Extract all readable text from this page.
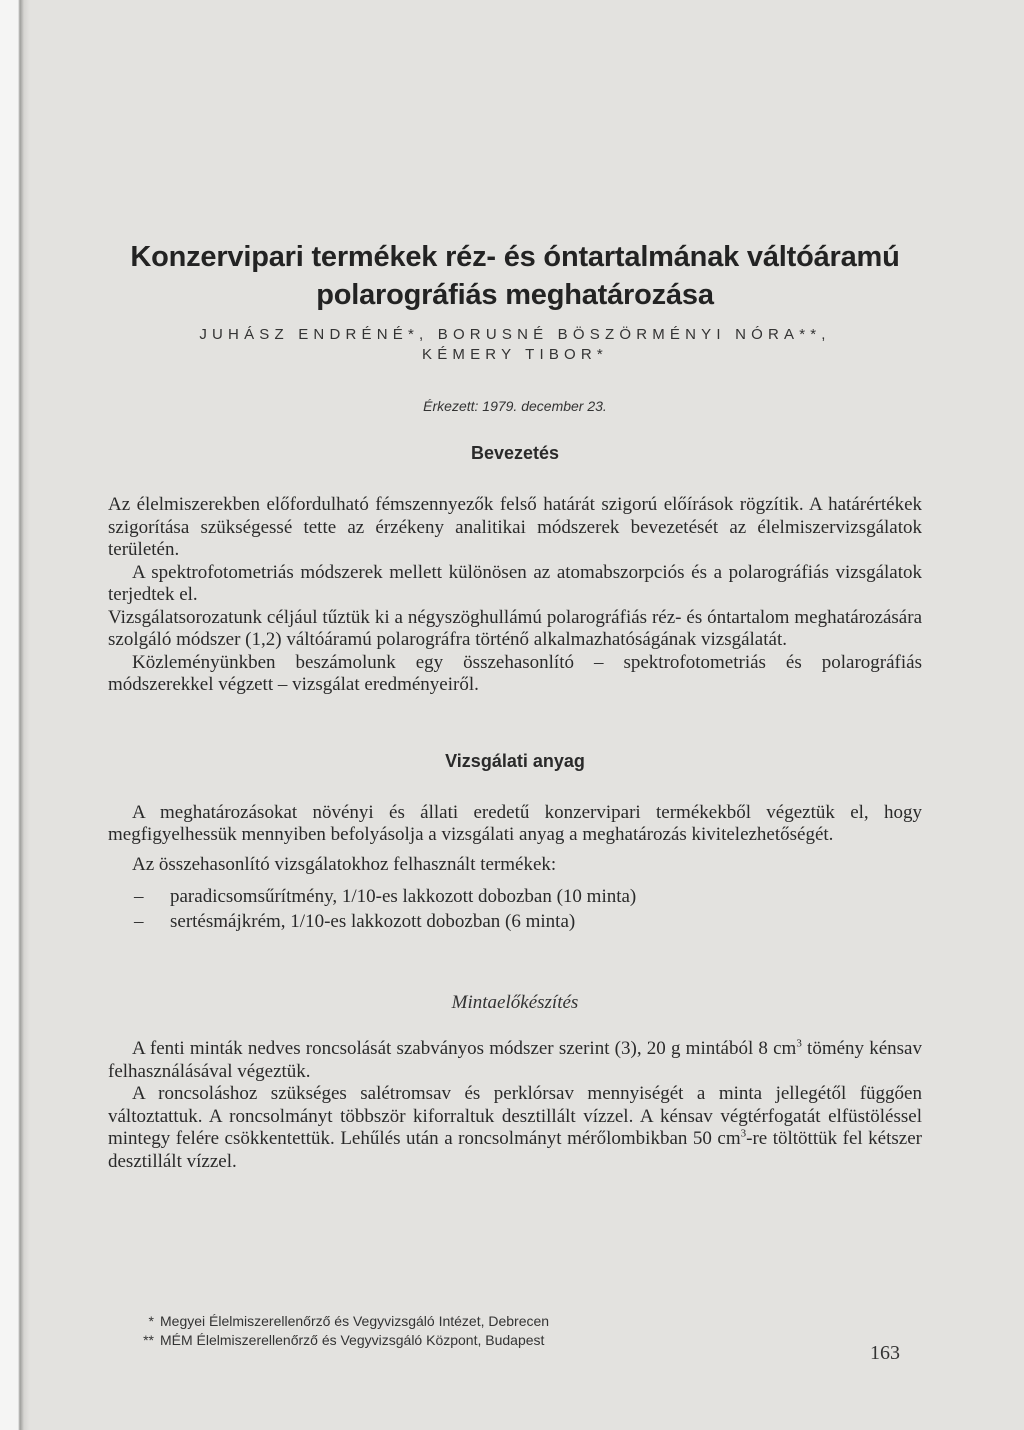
Konzervipari termékek réz- és óntartalmának váltóáramú
polarográfiás meghatározása
JUHÁSZ ENDRÉNÉ*, BORUSNÉ BÖSZÖRMÉNYI NÓRA**,
KÉMERY TIBOR*
Érkezett: 1979. december 23.
Bevezetés

Az élelmiszerekben előfordulható fémszennyezők felső határát szigorú előírások rögzítik. A határértékek szigorítása szükségessé tette az érzékeny analitikai módszerek bevezetését az élelmiszervizsgálatok területén.

A spektrofotometriás módszerek mellett különösen az atomabszorpciós és a polarográfiás vizsgálatok terjedtek el.

Vizsgálatsorozatunk céljául tűztük ki a négyszöghullámú polarográfiás réz- és óntartalom meghatározására szolgáló módszer (1,2) váltóáramú polarográfra történő alkalmazhatóságának vizsgálatát.

Közleményünkben beszámolunk egy összehasonlító – spektrofotometriás és polarográfiás módszerekkel végzett – vizsgálat eredményeiről.

Vizsgálati anyag

A meghatározásokat növényi és állati eredetű konzervipari termékekből végeztük el, hogy megfigyelhessük mennyiben befolyásolja a vizsgálati anyag a meghatározás kivitelezhetőségét.

Az összehasonlító vizsgálatokhoz felhasznált termékek:

– paradicsomsűrítmény, 1/10-es lakkozott dobozban (10 minta)
– sertésmájkrém, 1/10-es lakkozott dobozban (6 minta)
Mintaelőkészítés

A fenti minták nedves roncsolását szabványos módszer szerint (3), 20 g mintából 8 $cm^3$ tömény kénsav felhasználásával végeztük.

A roncsoláshoz szükséges salétromsav és perklórsav mennyiségét a minta jellegétől függően változtattuk. A roncsolmányt többször kiforraltuk desztillált vízzel. A kénsav végtérfogatát elfüstöléssel mintegy felére csökkentettük. Lehűlés után a roncsolmányt mérőlombikban 50 $cm^3-re$ töltöttük fel kétszer desztillált vízzel.

* Megyei Élelmiszerellenőrző és Vegyvizsgáló Intézet, Debrecen
** MÉM Élelmiszerellenőrző és Vegyvizsgáló Központ, Budapest
163
